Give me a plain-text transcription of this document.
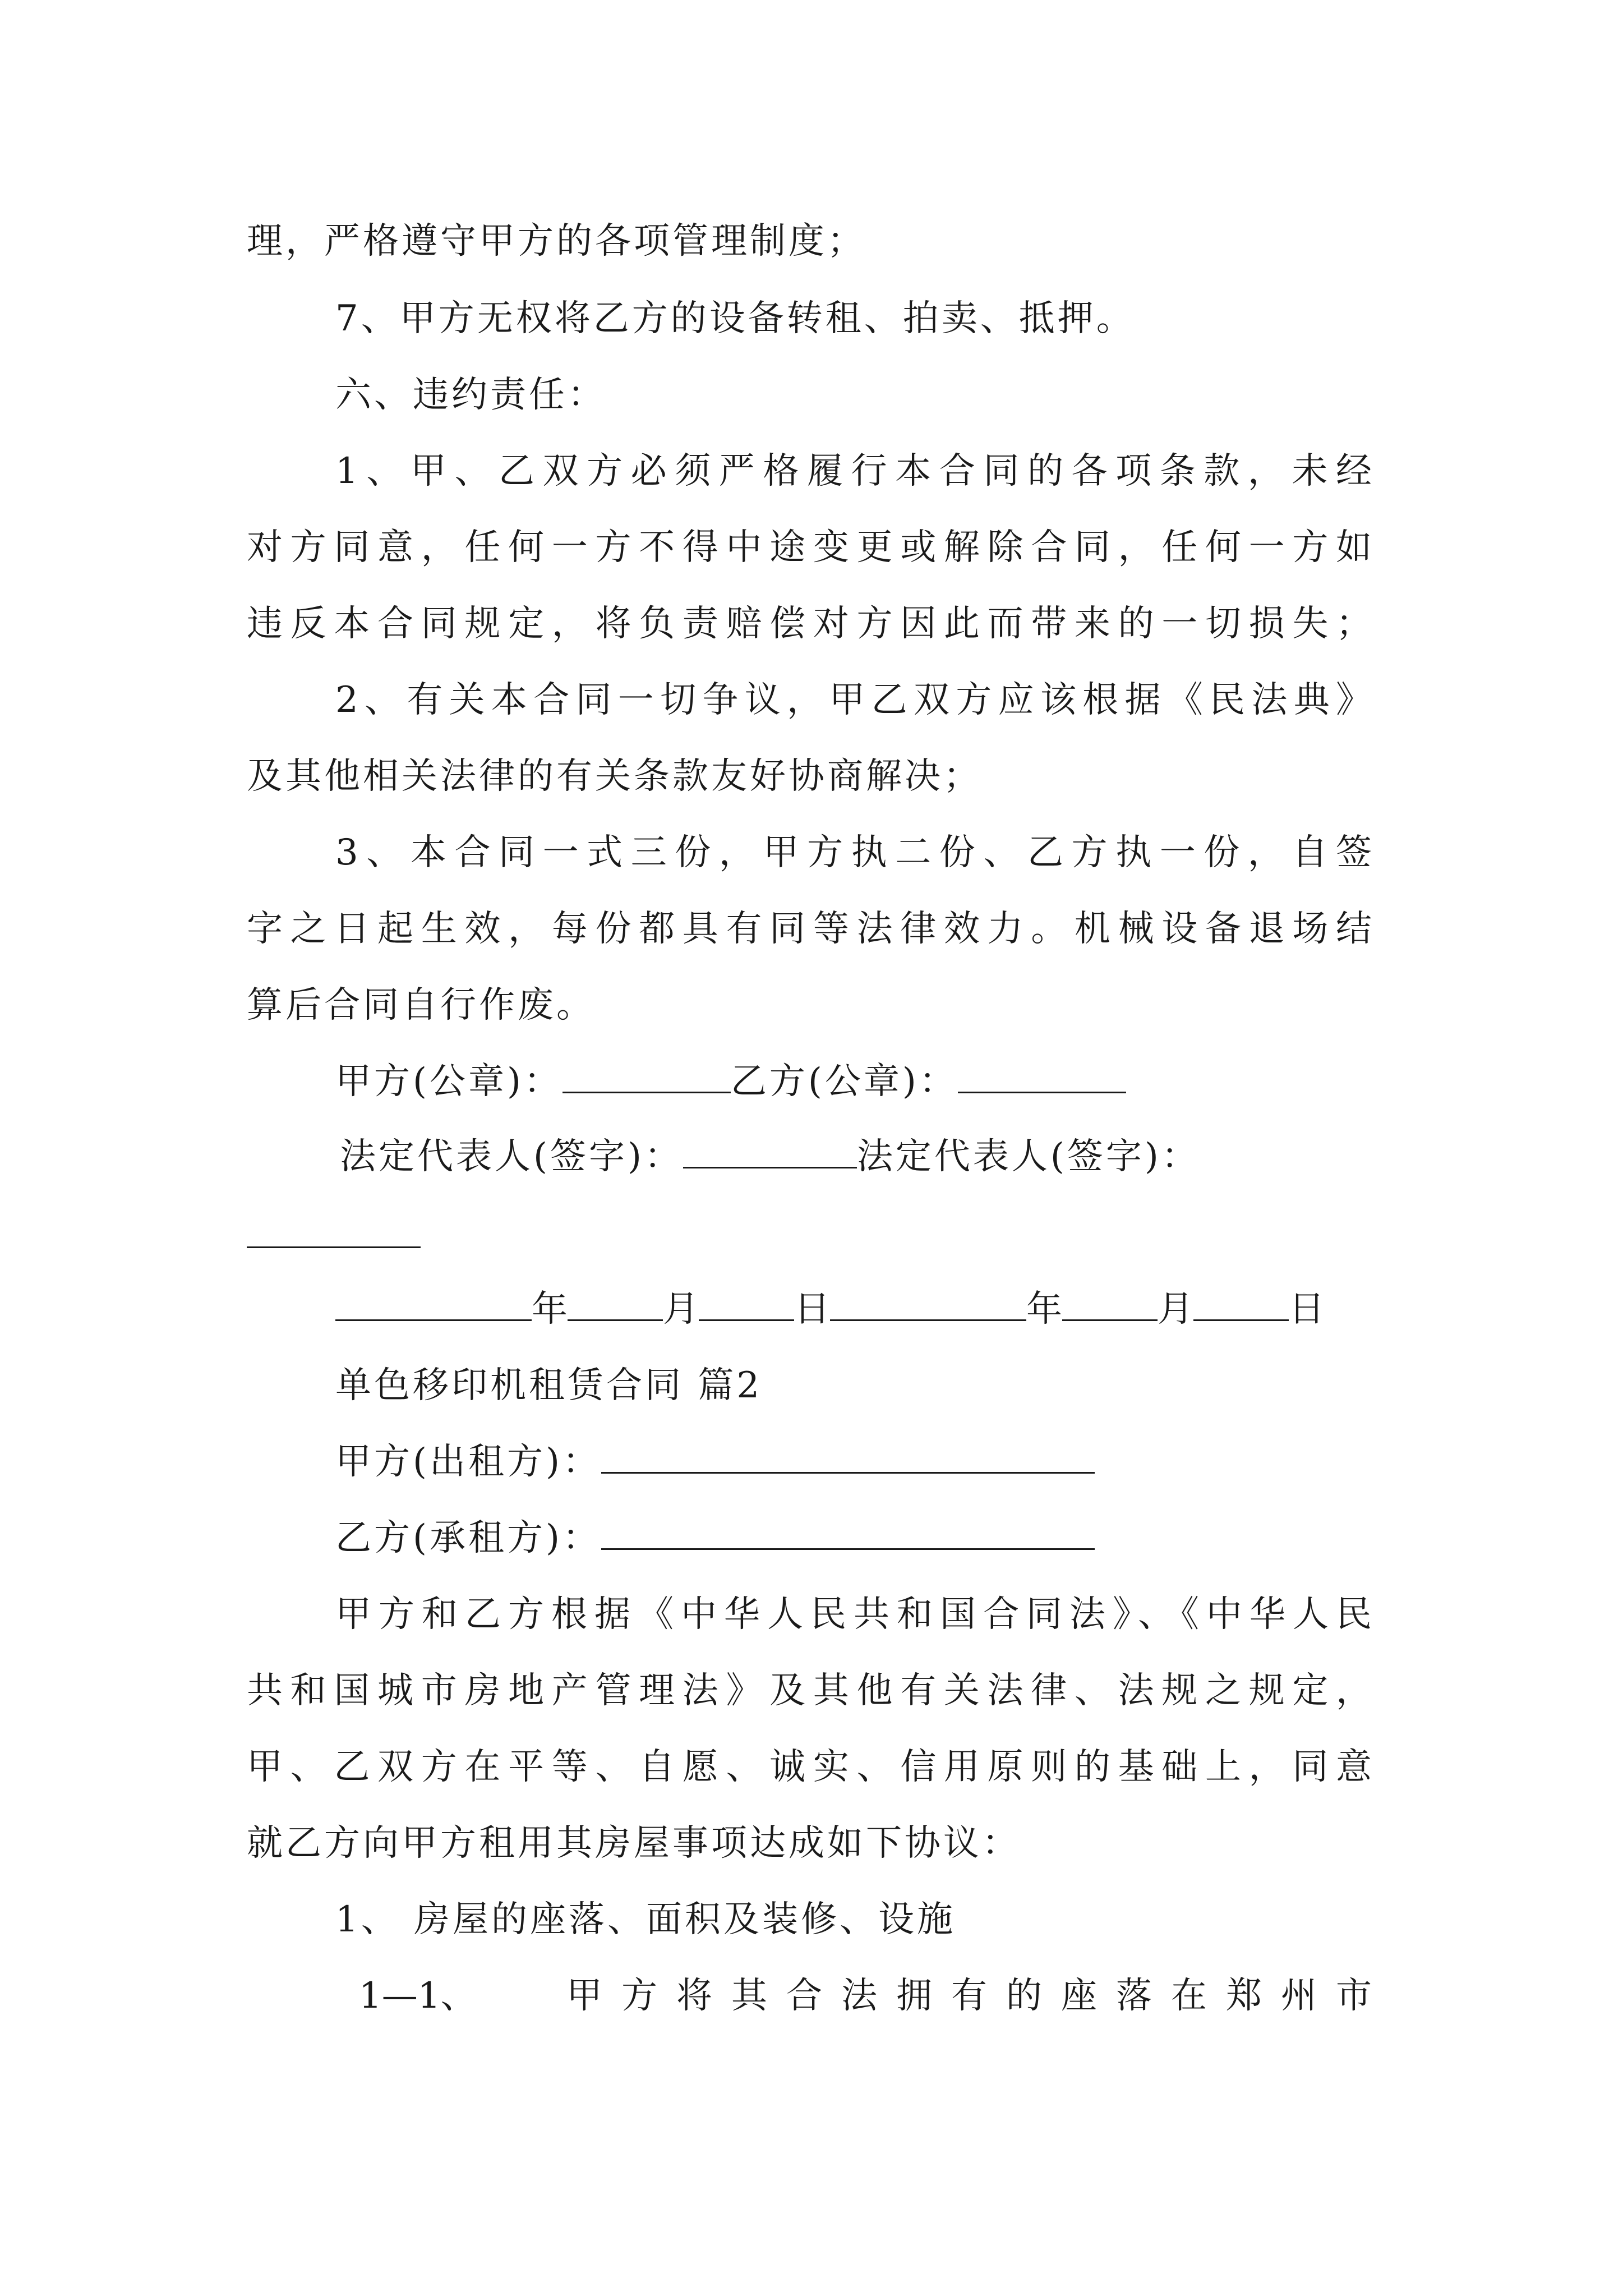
理，严格遵守甲方的各项管理制度；
7、甲方无权将乙方的设备转租、拍卖、抵押。
六、违约责任：
1、甲、乙双方必须严格履行本合同的各项条款，未经
对方同意，任何一方不得中途变更或解除合同，任何一方如
违反本合同规定，将负责赔偿对方因此而带来的一切损失；
2、有关本合同一切争议，甲乙双方应该根据《民法典》
及其他相关法律的有关条款友好协商解决；
3、本合同一式三份，甲方执二份、乙方执一份，自签
字之日起生效，每份都具有同等法律效力。机械设备退场结
算后合同自行作废。
甲方(公章)：	乙方(公章)：
法定代表人(签字)：	法定代表人(签字)：
年	月	日	年	月	日
单色移印机租赁合同 篇2
甲方(出租方)：
乙方(承租方)：
甲方和乙方根据《中华人民共和国合同法》、《中华人民
共和国城市房地产管理法》及其他有关法律、法规之规定，
甲、乙双方在平等、自愿、诚实、信用原则的基础上，同意
就乙方向甲方租用其房屋事项达成如下协议：
1、 房屋的座落、面积及装修、设施
1—1、	甲方将其合法拥有的座落在郑州市
